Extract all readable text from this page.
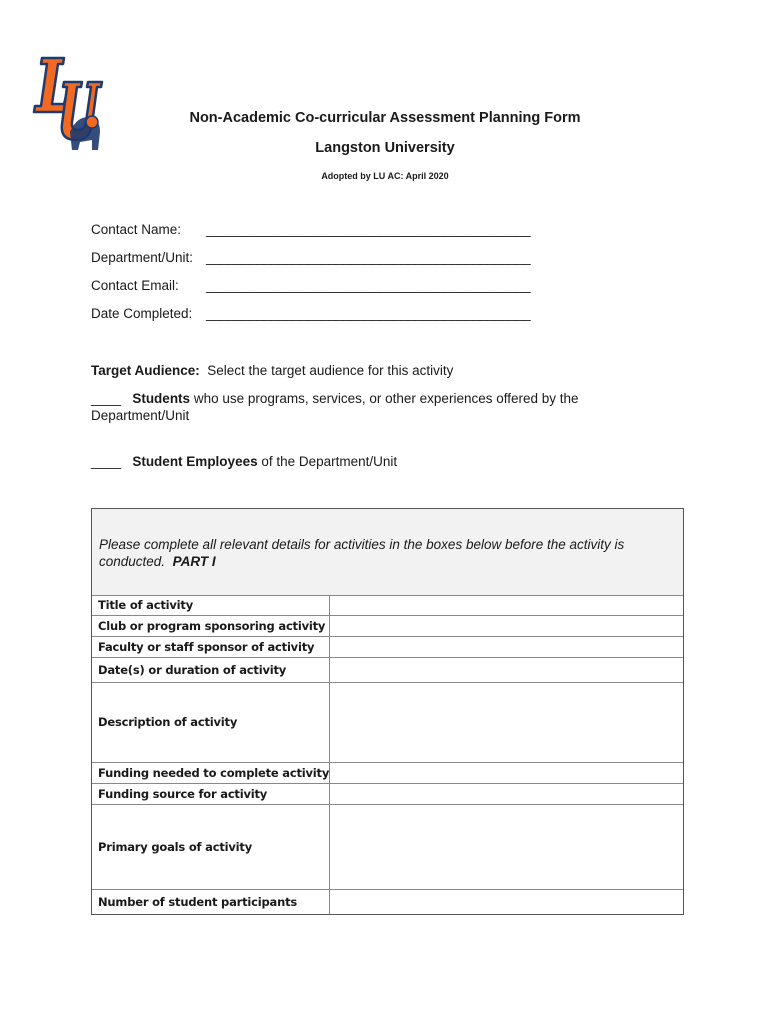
Non-Academic Co-curricular Assessment Planning Form
Langston University
Adopted by LU AC: April 2020
Contact Name: _____________________________________________
Department/Unit: _____________________________________________
Contact Email: _____________________________________________
Date Completed: _____________________________________________
Target Audience: Select the target audience for this activity
____ Students who use programs, services, or other experiences offered by the Department/Unit
____ Student Employees of the Department/Unit
Please complete all relevant details for activities in the boxes below before the activity is conducted. PART I
Title of activity
Club or program sponsoring activity
Faculty or staff sponsor of activity
Date(s) or duration of activity
Description of activity
Funding needed to complete activity
Funding source for activity
Primary goals of activity
Number of student participants
